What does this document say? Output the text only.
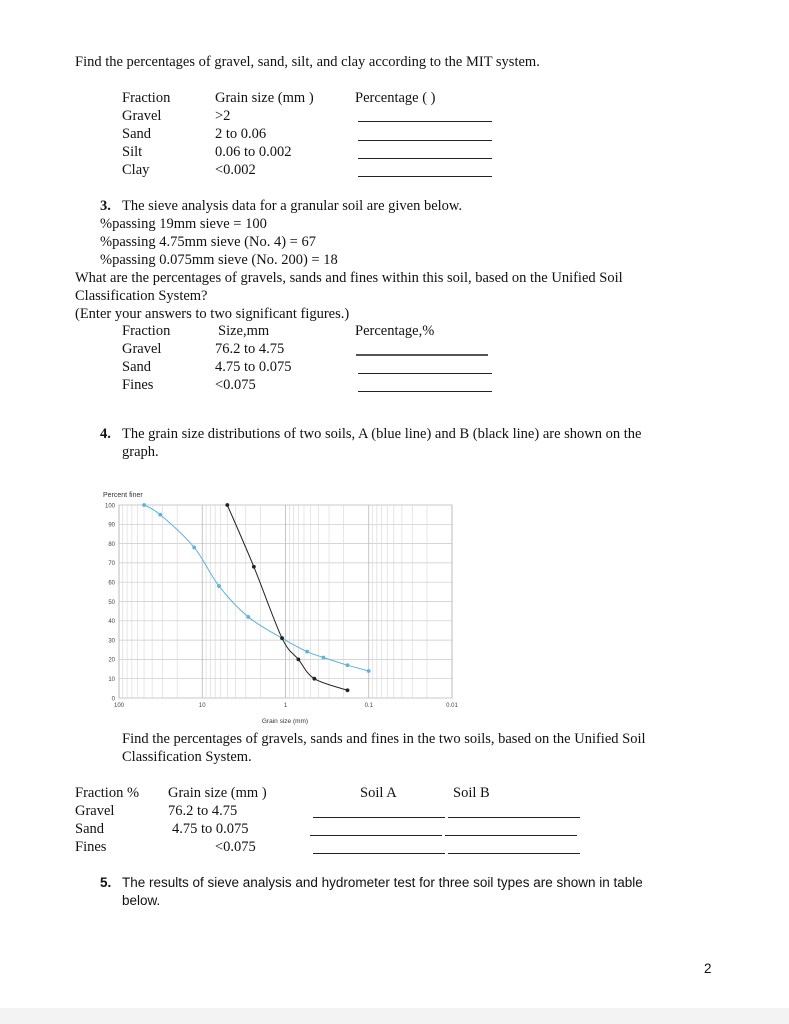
Find the percentages of gravel, sand, silt, and clay according to the MIT system.
Fraction	Grain size (mm )	Percentage ( )
Gravel	>2
Sand	2 to 0.06
Silt	0.06 to 0.002
Clay	<0.002
3. The sieve analysis data for a granular soil are given below.
%passing 19mm sieve = 100
%passing 4.75mm sieve (No. 4) = 67
%passing 0.075mm sieve (No. 200) = 18
What are the percentages of gravels, sands and fines within this soil, based on the Unified Soil
Classification System?
(Enter your answers to two significant figures.)
Fraction	Size,mm	Percentage,%
Gravel	76.2 to 4.75
Sand	4.75 to 0.075
Fines	<0.075
4. The grain size distributions of two soils, A (blue line) and B (black line) are shown on the
graph.
0
10
20
30
40
50
60
70
80
90
100
100	10	1	0.1	0.01
Percent finer
Grain size (mm)
Find the percentages of gravels, sands and fines in the two soils, based on the Unified Soil
Classification System.
Fraction % Grain size (mm )	Soil A	Soil B
Gravel	76.2 to 4.75
Sand	4.75 to 0.075
Fines	<0.075
5. The results of sieve analysis and hydrometer test for three soil types are shown in table
below.
2
